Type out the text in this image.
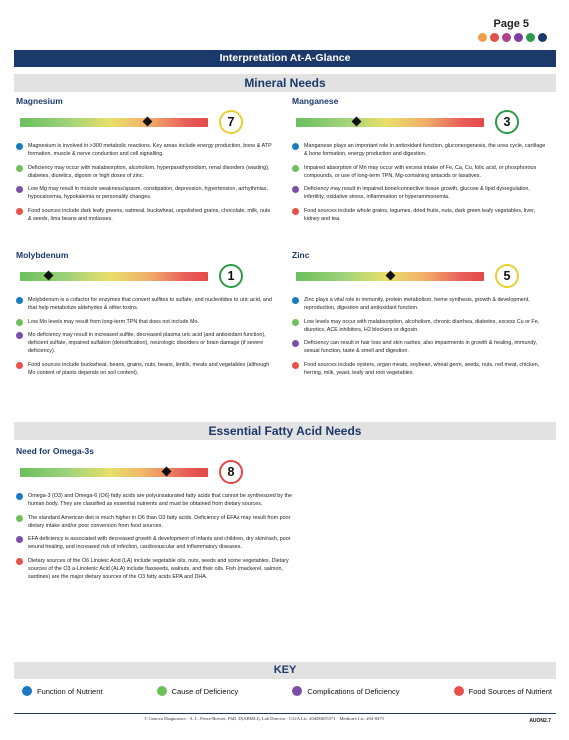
Page 5
Interpretation At-A-Glance
Mineral Needs
Magnesium
7
Magnesium is involved in >300 metabolic reactions. Key areas include energy production, bone & ATP formation, muscle & nerve conduction and cell signalling.
Deficiency may occur with malabsorption, alcoholism, hyperparathyroidism, renal disorders (wasting), diabetes, diuretics, digoxin or high doses of zinc.
Low Mg may result in muscle weakness/spasm, constipation, depression, hypertension, arrhythmias, hypocalcemia, hypokalemia or personality changes.
Food sources include dark leafy greens, oatmeal, buckwheat, unpolished grains, chocolate, milk, nuts & seeds, lima beans and molasses.
Manganese
3
Manganese plays an important role in antioxidant function, gluconeogenesis, the urea cycle, cartilage & bone formation, energy production and digestion.
Impaired absorption of Mn may occur with excess intake of Fe, Ca, Cu, folic acid, or phosphorous compounds, or use of long-term TPN, Mg-containing antacids or laxatives.
Deficiency may result in impaired bone/connective tissue growth, glucose & lipid dysregulation, infertility, oxidative stress, inflammation or hyperammonemia.
Food sources include whole grains, legumes, dried fruits, nuts, dark green leafy vegetables, liver, kidney and tea.
Molybdenum
1
Molybdenum is a cofactor for enzymes that convert sulfites to sulfate, and nucleotides to uric acid, and that help metabolize aldehydes & other toxins.
Low Mo levels may result from long-term TPN that does not include Mo.
Mo deficiency may result in increased sulfite, decreased plasma uric acid (and antioxidant function), deficient sulfate, impaired sulfation (detoxification), neurologic disorders or brain damage (if severe deficiency).
Food sources include buckwheat, beans, grains, nuts, beans, lentils, meats and vegetables (although Mo content of plants depends on soil content).
Zinc
5
Zinc plays a vital role in immunity, protein metabolism, heme synthesis, growth & development, reproduction, digestion and antioxidant function.
Low levels may occur with malabsorption, alcoholism, chronic diarrhea, diabetes, excess Cu or Fe, diuretics, ACE inhibitors, H2 blockers or digoxin.
Deficiency can result in hair loss and skin rashes, also impairments in growth & healing, immunity, sexual function, taste & smell and digestion.
Food sources include oysters, organ meats, soybean, wheat germ, seeds, nuts, red meat, chicken, herring, milk, yeast, leafy and root vegetables.
Essential Fatty Acid Needs
Need for Omega-3s
8
Omega-3 (O3) and Omega-6 (O6) fatty acids are polyunsaturated fatty acids that cannot be synthesized by the human body. They are classified as essential nutrients and must be obtained from dietary sources.
The standard American diet is much higher in O6 than O3 fatty acids. Deficiency of EFAs may result from poor dietary intake and/or poor conversion from food sources.
EFA deficiency is associated with decreased growth & development of infants and children, dry skin/rash, poor wound healing, and increased risk of infection, cardiovascular and inflammatory diseases.
Dietary sources of the O6 Linoleic Acid (LA) include vegetable oils, nuts, seeds and some vegetables. Dietary sources of the O3 a-Linolenic Acid (ALA) include flaxseeds, walnuts, and their oils. Fish (mackerel, salmon, sardines) are the major dietary sources of the O3 fatty acids EPA and DHA.
KEY
Function of Nutrient	Cause of Deficiency	Complications of Deficiency	Food Sources of Nutrient
© Genova Diagnostics · A. L. Peace-Brewer, PhD, D(ABMLI), Lab Director · CLIA Lic. #34D0655571 · Medicare Lic. #34-8475	AUON2.7
